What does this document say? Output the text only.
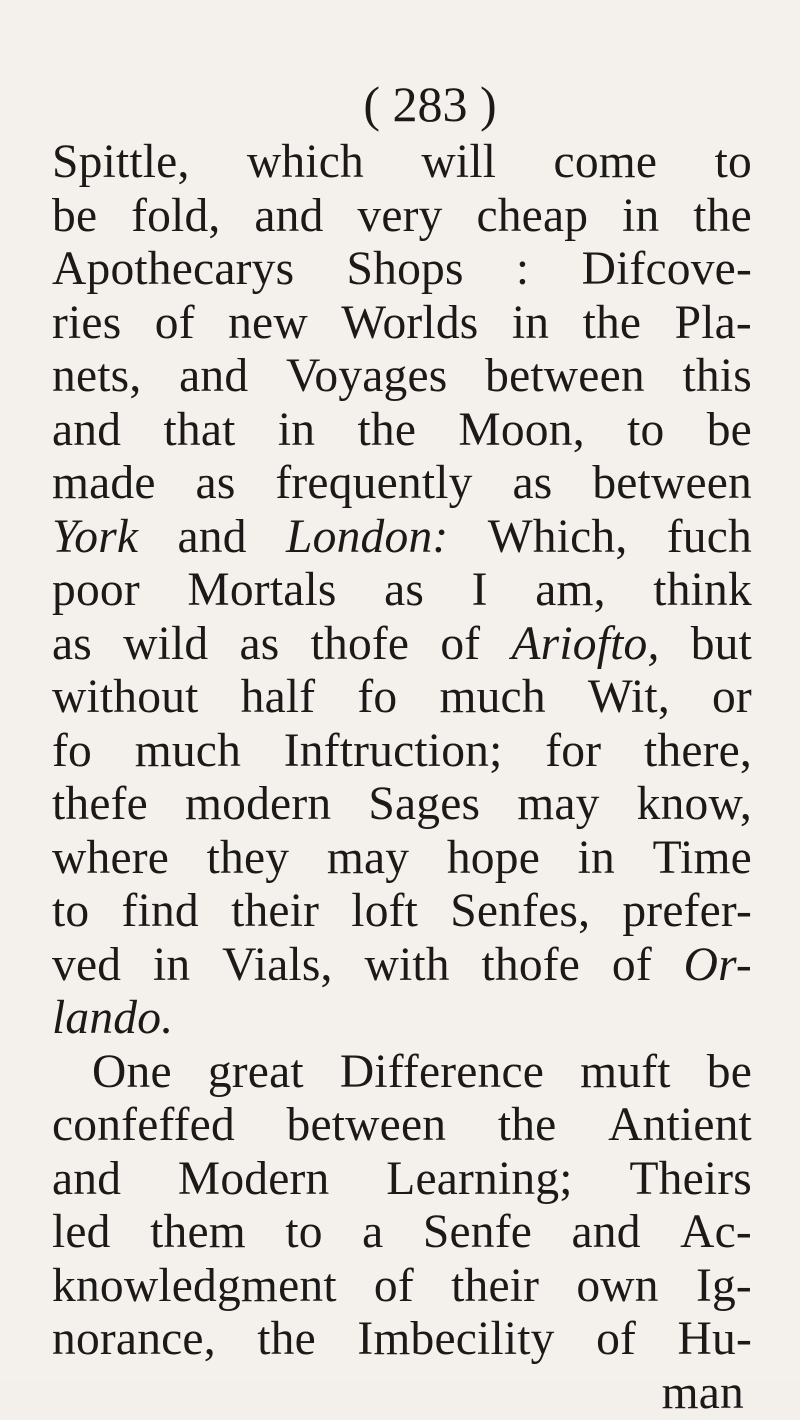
( 283 )
Spittle, which will come to
be fold, and very cheap in the
Apothecarys Shops : Difcove-
ries of new Worlds in the Pla-
nets, and Voyages between this
and that in the Moon, to be
made as frequently as between
York and London: Which, fuch
poor Mortals as I am, think
as wild as thofe of Ariofto, but
without half fo much Wit, or
fo much Inftruction; for there,
thefe modern Sages may know,
where they may hope in Time
to find their loft Senfes, prefer-
ved in Vials, with thofe of Or-
lando.
One great Difference muft be
confeffed between the Antient
and Modern Learning; Theirs
led them to a Senfe and Ac-
knowledgment of their own Ig-
norance, the Imbecility of Hu-
man
